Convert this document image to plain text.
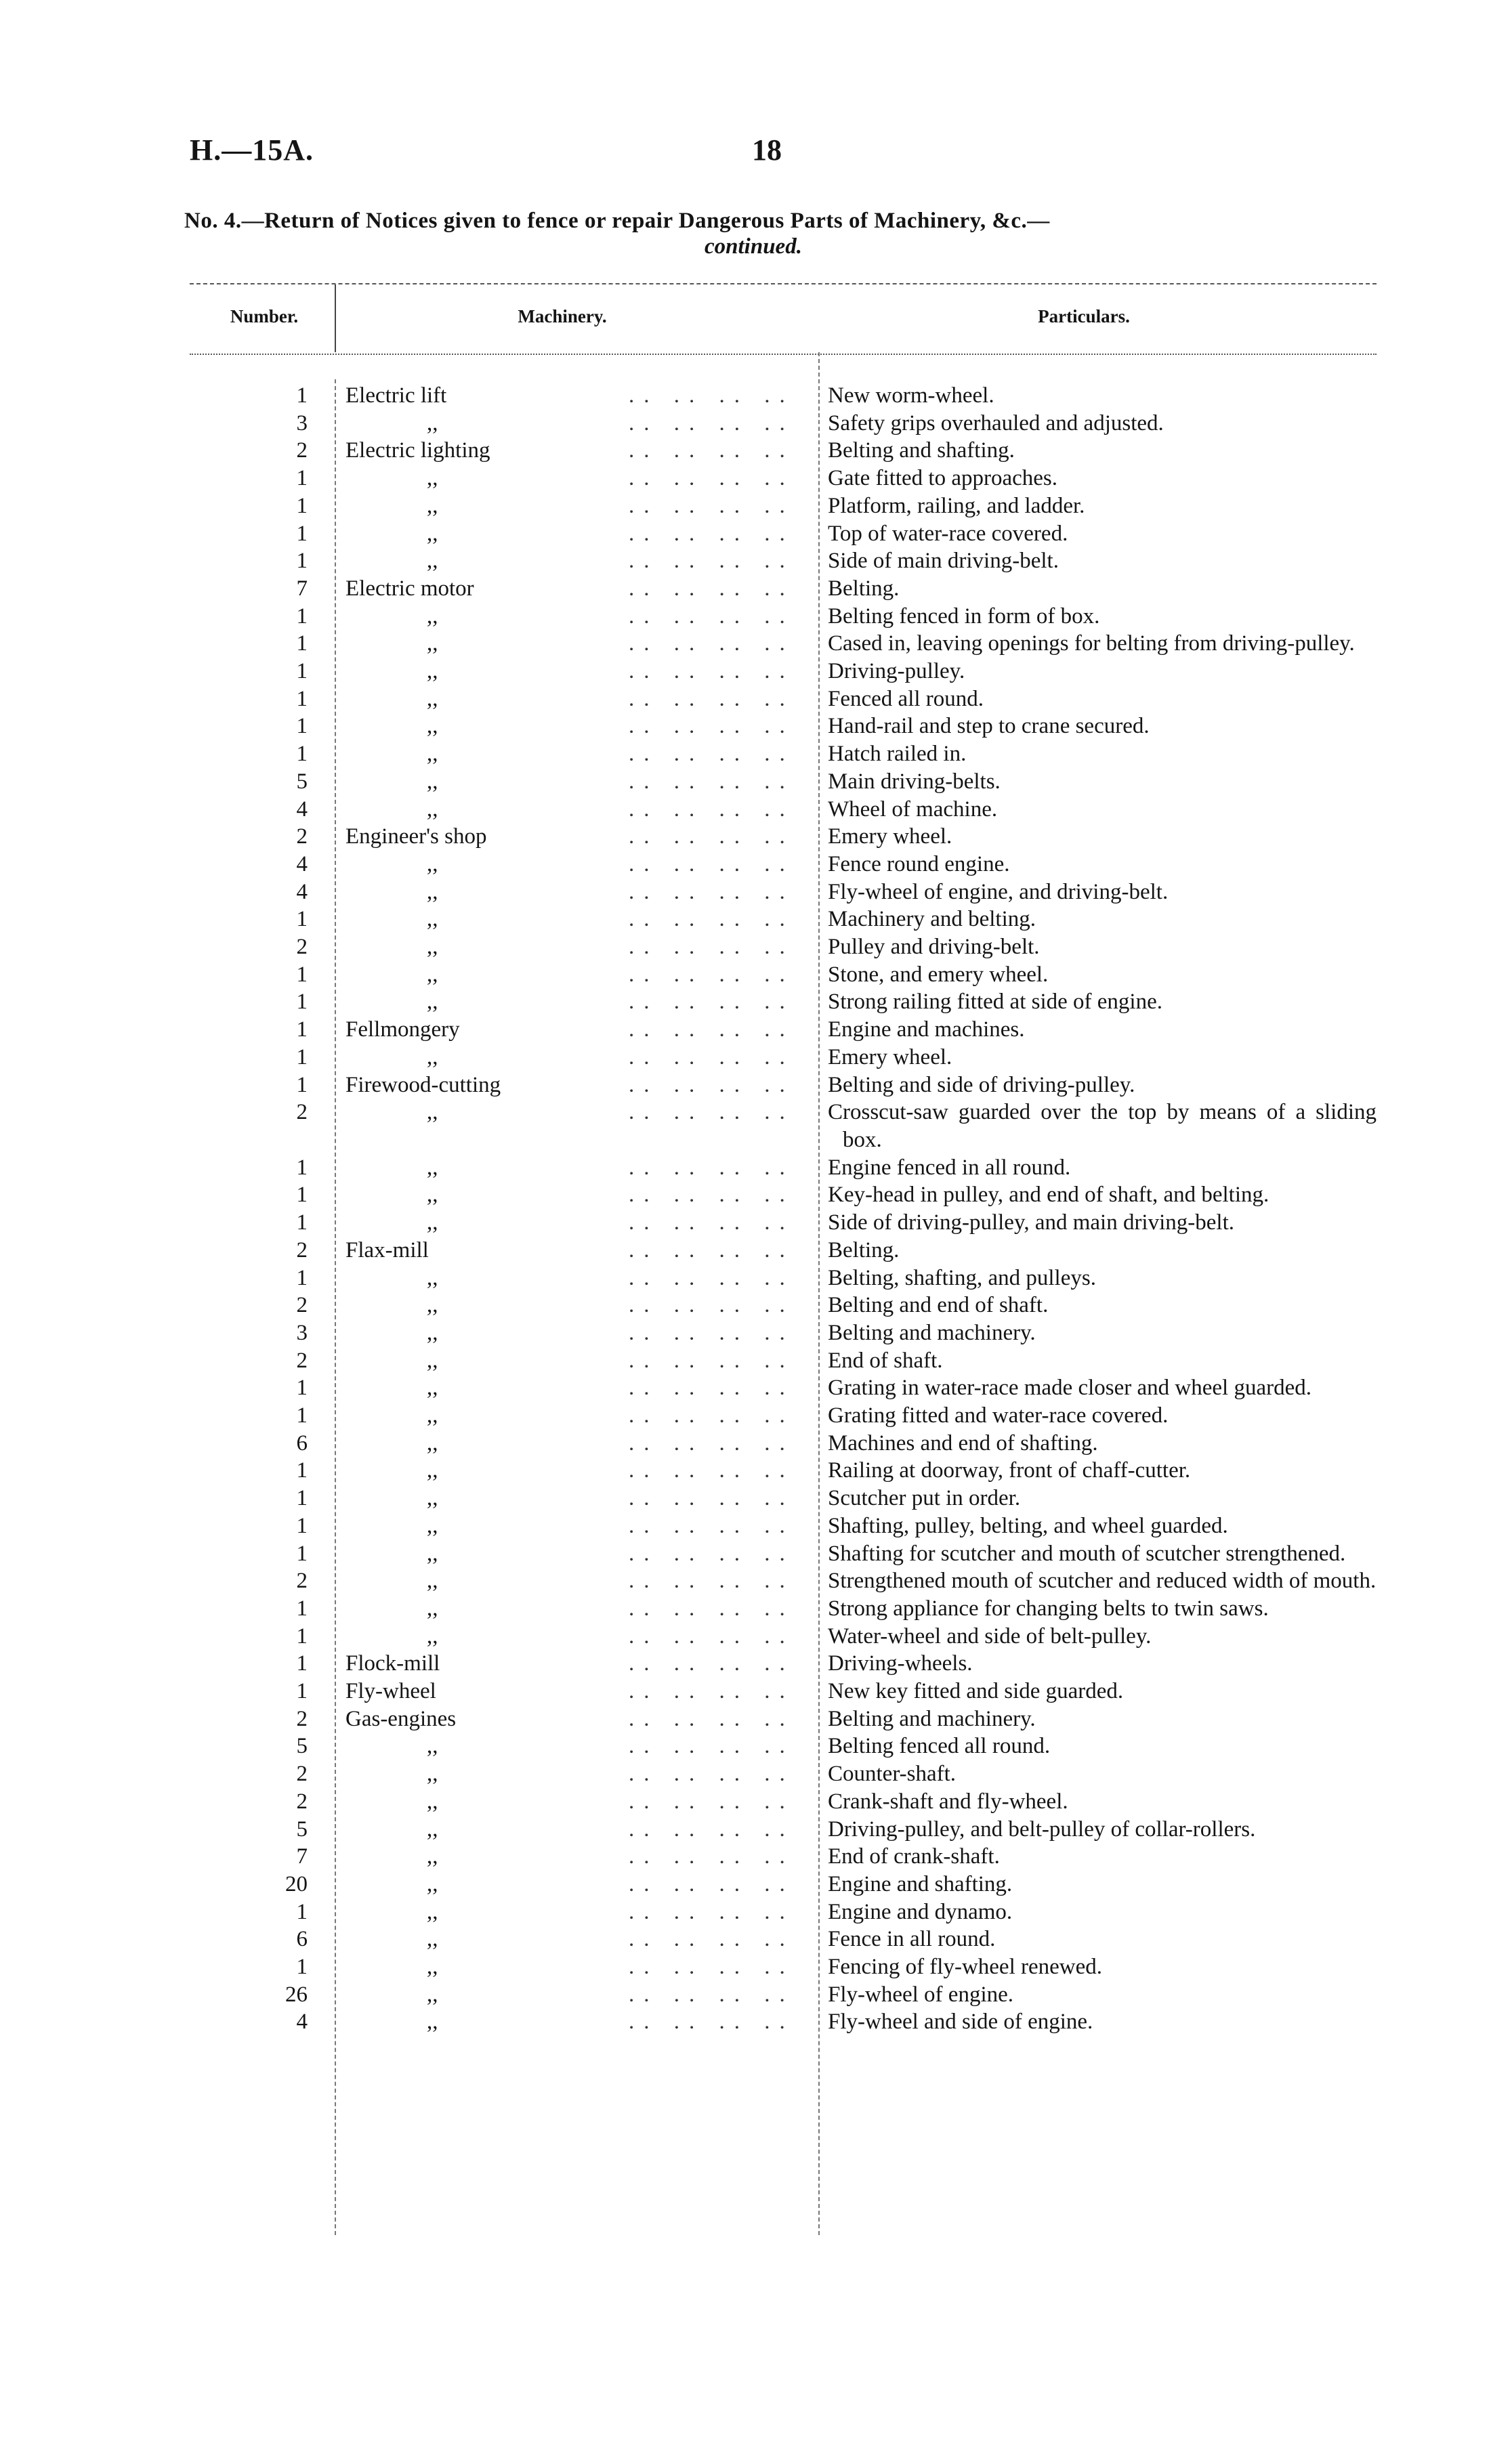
H.—15A.	18
No. 4.—Return of Notices given to fence or repair Dangerous Parts of Machinery, &c.—
continued.
Number.	Machinery.	Particulars.
1		Electric lift	.. .. .. ..	New worm-wheel.

3		,,	.. .. .. ..	Safety grips overhauled and adjusted.

2		Electric lighting	.. .. .. ..	Belting and shafting.

1		,,	.. .. .. ..	Gate fitted to approaches.

1		,,	.. .. .. ..	Platform, railing, and ladder.

1		,,	.. .. .. ..	Top of water-race covered.

1		,,	.. .. .. ..	Side of main driving-belt.

7		Electric motor	.. .. .. ..	Belting.

1		,,	.. .. .. ..	Belting fenced in form of box.

1		,,	.. .. .. ..	Cased in, leaving openings for belting from driving-pulley.

1		,,	.. .. .. ..	Driving-pulley.

1		,,	.. .. .. ..	Fenced all round.

1		,,	.. .. .. ..	Hand-rail and step to crane secured.

1		,,	.. .. .. ..	Hatch railed in.

5		,,	.. .. .. ..	Main driving-belts.

4		,,	.. .. .. ..	Wheel of machine.

2		Engineer's shop	.. .. .. ..	Emery wheel.

4		,,	.. .. .. ..	Fence round engine.

4		,,	.. .. .. ..	Fly-wheel of engine, and driving-belt.

1		,,	.. .. .. ..	Machinery and belting.

2		,,	.. .. .. ..	Pulley and driving-belt.

1		,,	.. .. .. ..	Stone, and emery wheel.

1		,,	.. .. .. ..	Strong railing fitted at side of engine.

1		Fellmongery	.. .. .. ..	Engine and machines.

1		,,	.. .. .. ..	Emery wheel.

1		Firewood-cutting	.. .. .. ..	Belting and side of driving-pulley.

2		,,	.. .. .. ..	Crosscut-saw guarded over the top by means of a sliding box.

1		,,	.. .. .. ..	Engine fenced in all round.

1		,,	.. .. .. ..	Key-head in pulley, and end of shaft, and belting.

1		,,	.. .. .. ..	Side of driving-pulley, and main driving-belt.

2		Flax-mill	.. .. .. ..	Belting.

1		,,	.. .. .. ..	Belting, shafting, and pulleys.

2		,,	.. .. .. ..	Belting and end of shaft.

3		,,	.. .. .. ..	Belting and machinery.

2		,,	.. .. .. ..	End of shaft.

1		,,	.. .. .. ..	Grating in water-race made closer and wheel guarded.

1		,,	.. .. .. ..	Grating fitted and water-race covered.

6		,,	.. .. .. ..	Machines and end of shafting.

1		,,	.. .. .. ..	Railing at doorway, front of chaff-cutter.

1		,,	.. .. .. ..	Scutcher put in order.

1		,,	.. .. .. ..	Shafting, pulley, belting, and wheel guarded.

1		,,	.. .. .. ..	Shafting for scutcher and mouth of scutcher strengthened.

2		,,	.. .. .. ..	Strengthened mouth of scutcher and reduced width of mouth.

1		,,	.. .. .. ..	Strong appliance for changing belts to twin saws.

1		,,	.. .. .. ..	Water-wheel and side of belt-pulley.

1		Flock-mill	.. .. .. ..	Driving-wheels.

1		Fly-wheel	.. .. .. ..	New key fitted and side guarded.

2		Gas-engines	.. .. .. ..	Belting and machinery.

5		,,	.. .. .. ..	Belting fenced all round.

2		,,	.. .. .. ..	Counter-shaft.

2		,,	.. .. .. ..	Crank-shaft and fly-wheel.

5		,,	.. .. .. ..	Driving-pulley, and belt-pulley of collar-rollers.

7		,,	.. .. .. ..	End of crank-shaft.

20		,,	.. .. .. ..	Engine and shafting.

1		,,	.. .. .. ..	Engine and dynamo.

6		,,	.. .. .. ..	Fence in all round.

1		,,	.. .. .. ..	Fencing of fly-wheel renewed.

26		,,	.. .. .. ..	Fly-wheel of engine.

4		,,	.. .. .. ..	Fly-wheel and side of engine.
